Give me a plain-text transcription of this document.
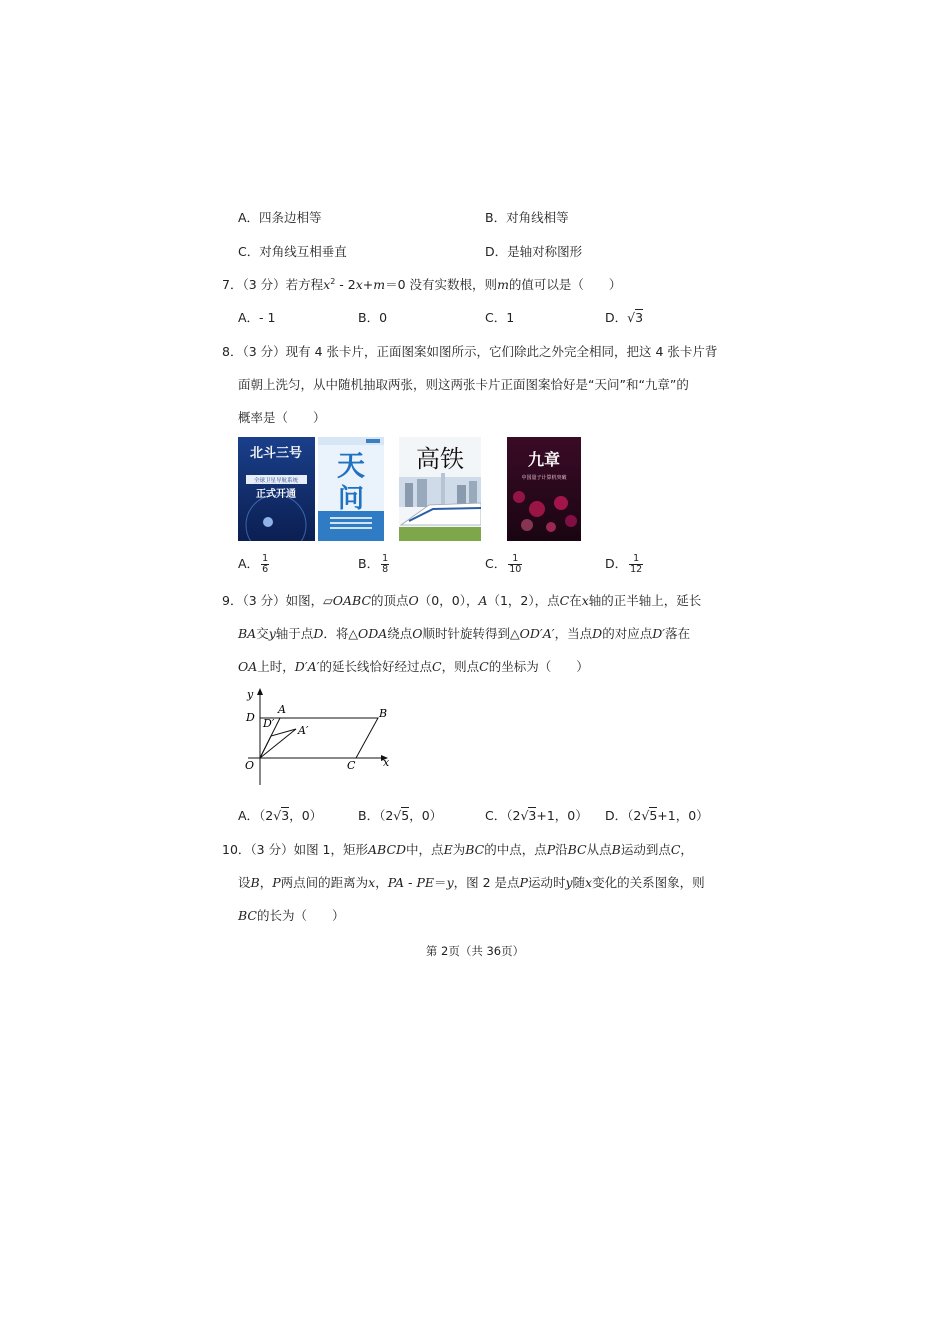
A．四条边相等	B．对角线相等
C．对角线互相垂直	D．是轴对称图形
7．（3 分）若方程$x^2 - 2x+m=0$ 没有实数根，则m的值可以是（　　）
A．- 1	B．0	C．1	D．√3
8．（3 分）现有 4 张卡片，正面图案如图所示，它们除此之外完全相同，把这 4 张卡片背
面朝上洗匀，从中随机抽取两张，则这两张卡片正面图案恰好是“天问”和“九章”的
概率是（　　）
北斗三号
全球卫星导航系统
正式开通
天
问
高铁	九章
中国量子计算机突破
A． $\frac{1}{6}$	B． $\frac{1}{8}$	C． $\frac{1}{10}$	D． $\frac{1}{12}$
9．（3 分）如图，▱OABC的顶点O（0，0），A（1，2），点C在x轴的正半轴上，延长
BA交y轴于点D．将△ODA绕点O顺时针旋转得到△OD′A′，当点D的对应点D′落在
OA上时，D′A′的延长线恰好经过点C，则点C的坐标为（　　）
y
x
D
A	B
D′
A′
O	C
A．（2√3，0）	B．（2√5，0）	C．（2√3+1，0） D．（2√5+1，0）
10．（3 分）如图 1，矩形ABCD中，点E为BC的中点，点P沿BC从点B运动到点C，
设B，P两点间的距离为x，PA - PE＝y，图 2 是点P运动时y随x变化的关系图象，则
BC的长为（　　）
第 2页（共 36页）
